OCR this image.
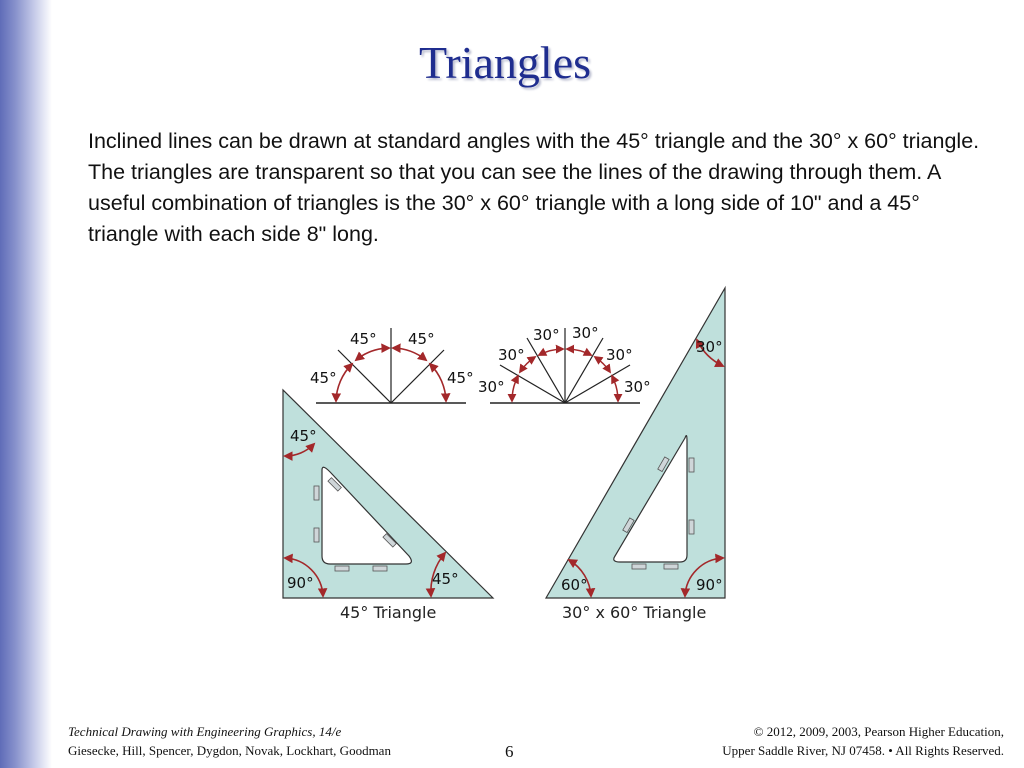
Triangles
Inclined lines can be drawn at standard angles with the 45° triangle and the 30° x 60° triangle. The triangles are transparent so that you can see the lines of the drawing through them. A useful combination of triangles is the 30° x 60° triangle with a long side of 10" and a 45° triangle with each side 8" long.
45°
45° 45°
45° 30°
30°
30° 30°
30°
30°
45°
90°	45°
45° Triangle
30°
60°	90°
30° x 60° Triangle
Technical Drawing with Engineering Graphics, 14/e
Giesecke, Hill, Spencer, Dygdon, Novak, Lockhart, Goodman	6
© 2012, 2009, 2003, Pearson Higher Education,
Upper Saddle River, NJ 07458. • All Rights Reserved.
